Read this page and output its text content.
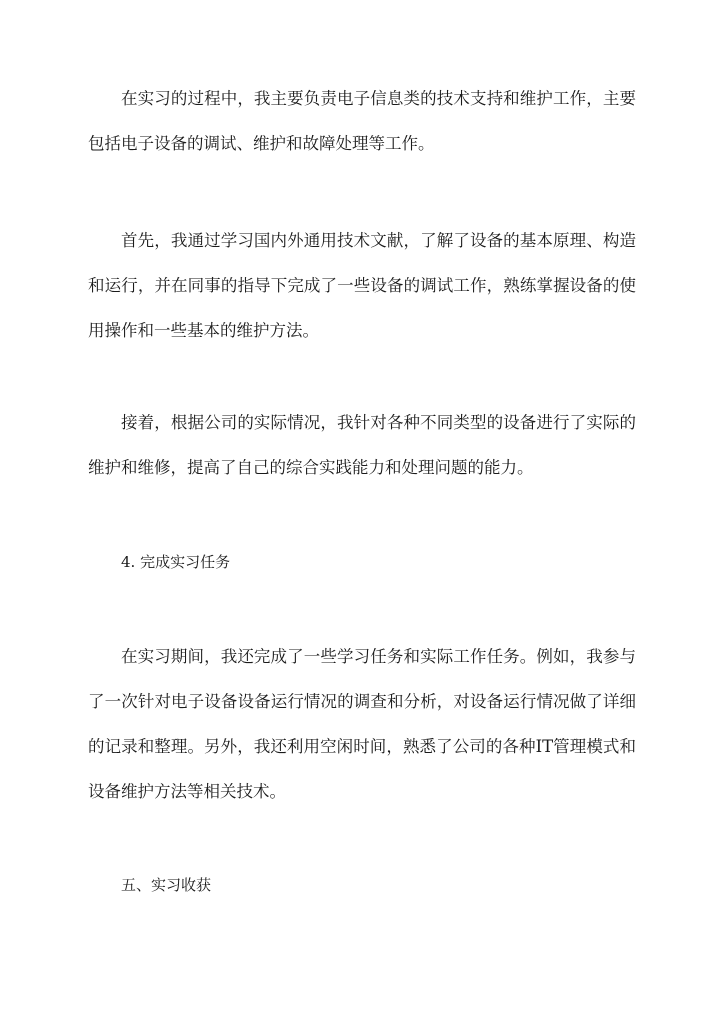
在实习的过程中，我主要负责电子信息类的技术支持和维护工作，主要包括电子设备的调试、维护和故障处理等工作。

首先，我通过学习国内外通用技术文献，了解了设备的基本原理、构造和运行，并在同事的指导下完成了一些设备的调试工作，熟练掌握设备的使用操作和一些基本的维护方法。

接着，根据公司的实际情况，我针对各种不同类型的设备进行了实际的维护和维修，提高了自己的综合实践能力和处理问题的能力。

4. 完成实习任务

在实习期间，我还完成了一些学习任务和实际工作任务。例如，我参与了一次针对电子设备设备运行情况的调查和分析，对设备运行情况做了详细的记录和整理。另外，我还利用空闲时间，熟悉了公司的各种IT管理模式和设备维护方法等相关技术。

五、实习收获
